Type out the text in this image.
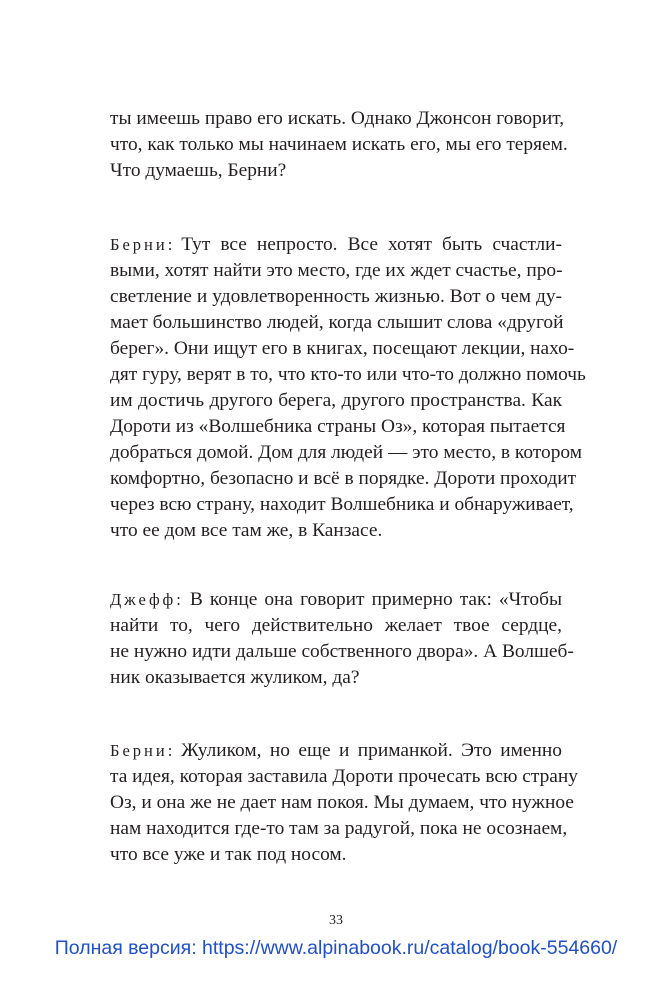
ты имеешь право его искать. Однако Джонсон говорит,
что, как только мы начинаем искать его, мы его теряем.
Что думаешь, Берни?
Берни: Тут все непросто. Все хотят быть счастли-
выми, хотят найти это место, где их ждет счастье, про-
светление и удовлетворенность жизнью. Вот о чем ду-
мает большинство людей, когда слышит слова «другой
берег». Они ищут его в книгах, посещают лекции, нахо-
дят гуру, верят в то, что кто-то или что-то должно помочь
им достичь другого берега, другого пространства. Как
Дороти из «Волшебника страны Оз», которая пытается
добраться домой. Дом для людей — это место, в котором
комфортно, безопасно и всё в порядке. Дороти проходит
через всю страну, находит Волшебника и обнаруживает,
что ее дом все там же, в Канзасе.
Джефф: В конце она говорит примерно так: «Чтобы
найти то, чего действительно желает твое сердце,
не нужно идти дальше собственного двора». А Волшеб-
ник оказывается жуликом, да?
Берни: Жуликом, но еще и приманкой. Это именно
та идея, которая заставила Дороти прочесать всю страну
Оз, и она же не дает нам покоя. Мы думаем, что нужное
нам находится где-то там за радугой, пока не осознаем,
что все уже и так под носом.
33
Полная версия: https://www.alpinabook.ru/catalog/book-554660/
